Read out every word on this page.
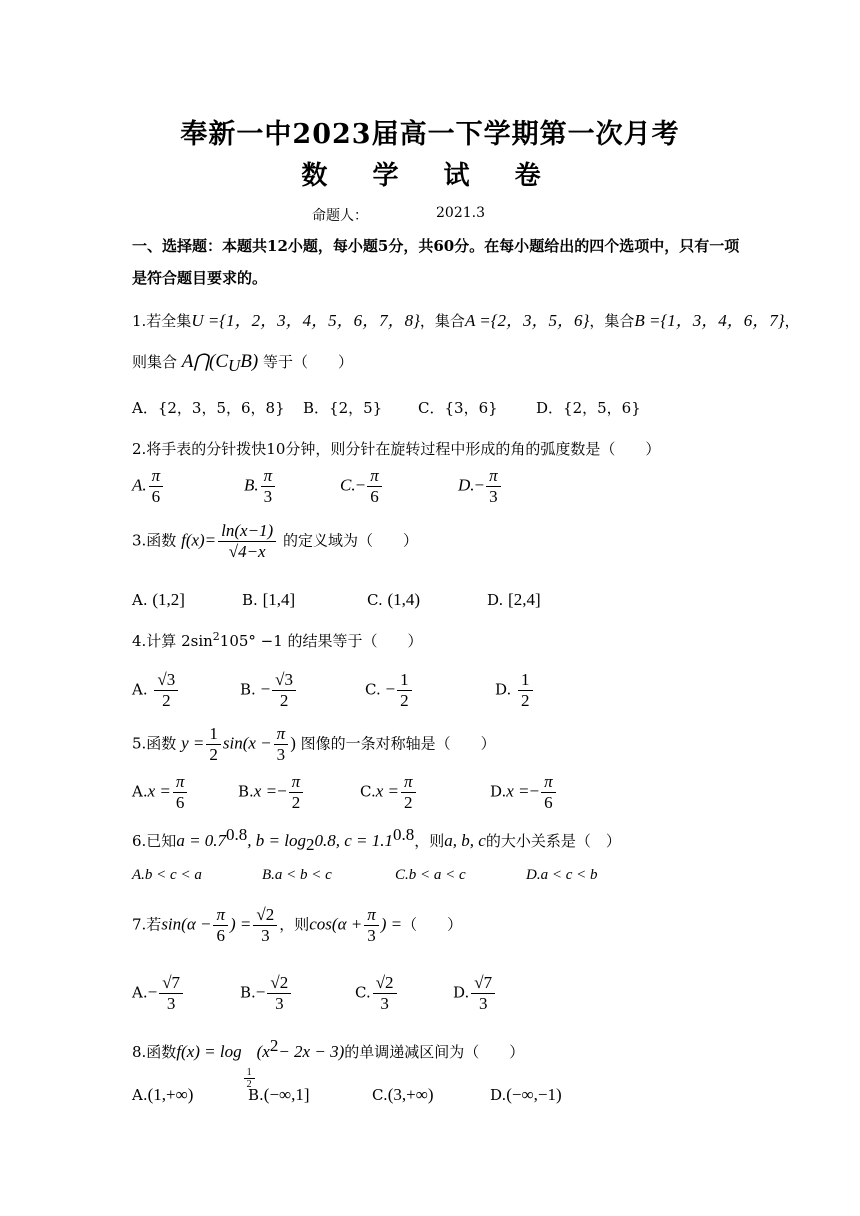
奉新一中2023届高一下学期第一次月考
数 学 试 卷
命题人：	2021.3
一、选择题：本题共12小题，每小题5分，共60分。在每小题给出的四个选项中，只有一项是符合题目要求的。
1.若全集U ={1，2，3，4，5，6，7，8}，集合A ={2，3，5，6}，集合B ={1，3，4，6，7}，
则集合 $A⋂(C_UB)$ 等于（　　）
A．{2，3，5，6，8} B．{2，5} C．{3，6}	D．{2，5，6}
2.将手表的分针拨快10分钟，则分针在旋转过程中形成的角的弧度数是（　　）
A. $\frac{\pi}{6}$	B. $\frac{\pi}{3}$	$C.- \frac{\pi}{6}$	$D.- \frac{\pi}{3}$
3.函数 $f(x)= \frac{\ln(x-1)}{√4-x}$ 的定义域为（　　）
A. (1,2]	B. [1,4]	C. (1,4)	D. [2,4]
4.计算 $2\sin^2105^\circ -1$ 的结果等于（　　）
A. $\frac{√3}{2}$	B. − $\frac{√3}{2}$	C. − $\frac{1}{2}$	D. $\frac{1}{2}$
5.函数 $y = \frac{1}{2} \sin(x - \frac{\pi}{3}$ ) 图像的一条对称轴是（　　）
$A.x = \frac{\pi}{6}$	$B.x =- \frac{\pi}{2}$	$C.x = \frac{\pi}{2}$	$D.x =- \frac{\pi}{6}$
6.已知$a = 0.7^{0.8}$, $b = \log_20.8$, $c = 1.1^{0.8}$，则a, b, c的大小关系是（　）
A.b < c < a	B.a < b < c	C.b < a < c	D.a < c < b
7.若$\sin(\alpha - \frac{\pi}{6}$ ) = $\frac{√2}{3}$ ，则$\cos(\alpha + \frac{\pi}{3}$ ) =（　　）
$A.- \frac{√7}{3}$	$B.- \frac{√2}{3}$	C. $\frac{√2}{3}$	D. $\frac{√7}{3}$
8.函数f(x) = log
$\frac{1}{2}$
$(x^2- 2x - 3)$的单调递减区间为（　　）
A.(1,+∞)	B.(−∞,1]	C.(3,+∞)	D.(−∞,−1)
